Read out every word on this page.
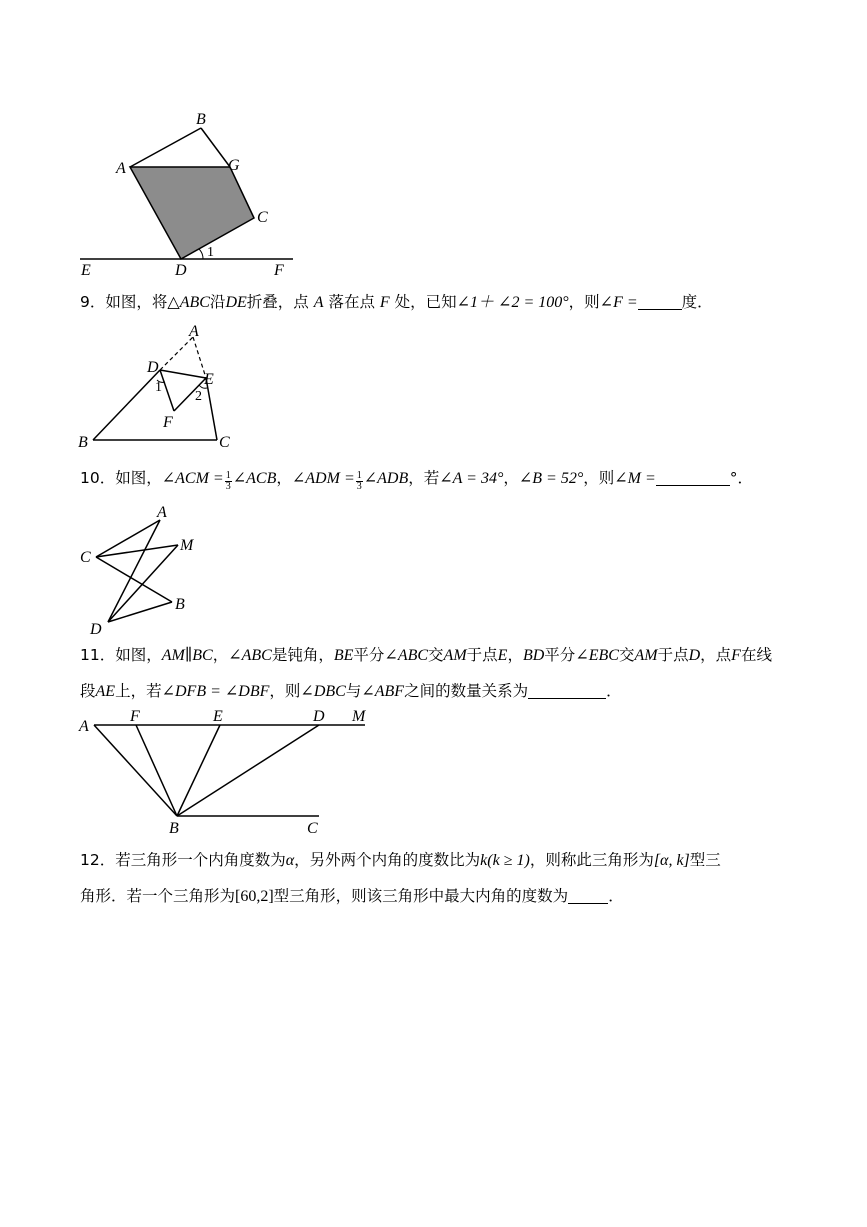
A
B
G
C
D
E	F
1
9．如图，将△ABC沿DE折叠，点 A 落在点 F 处，已知∠1＋ ∠2 = 100°，则∠F =	度．
A
D
E
1
2
F
B	C
10．如图，∠ACM = $\frac{1}{3}$ ∠ACB，∠ADM = $\frac{1}{3}$ ∠ADB，若∠A = 34°，∠B = 52°，则∠M =	°．
A
C
M
B
D
11．如图，AM∥BC，∠ABC是钝角，BE平分∠ABC交AM于点E，BD平分∠EBC交AM于点D，点F在线
段AE上，若∠DFB = ∠DBF，则∠DBC与∠ABF之间的数量关系为	．
A
F	E	D M
B	C
12．若三角形一个内角度数为α，另外两个内角的度数比为k(k ≥ 1)，则称此三角形为[α, k]型三
角形．若一个三角形为[60,2]型三角形，则该三角形中最大内角的度数为	．
